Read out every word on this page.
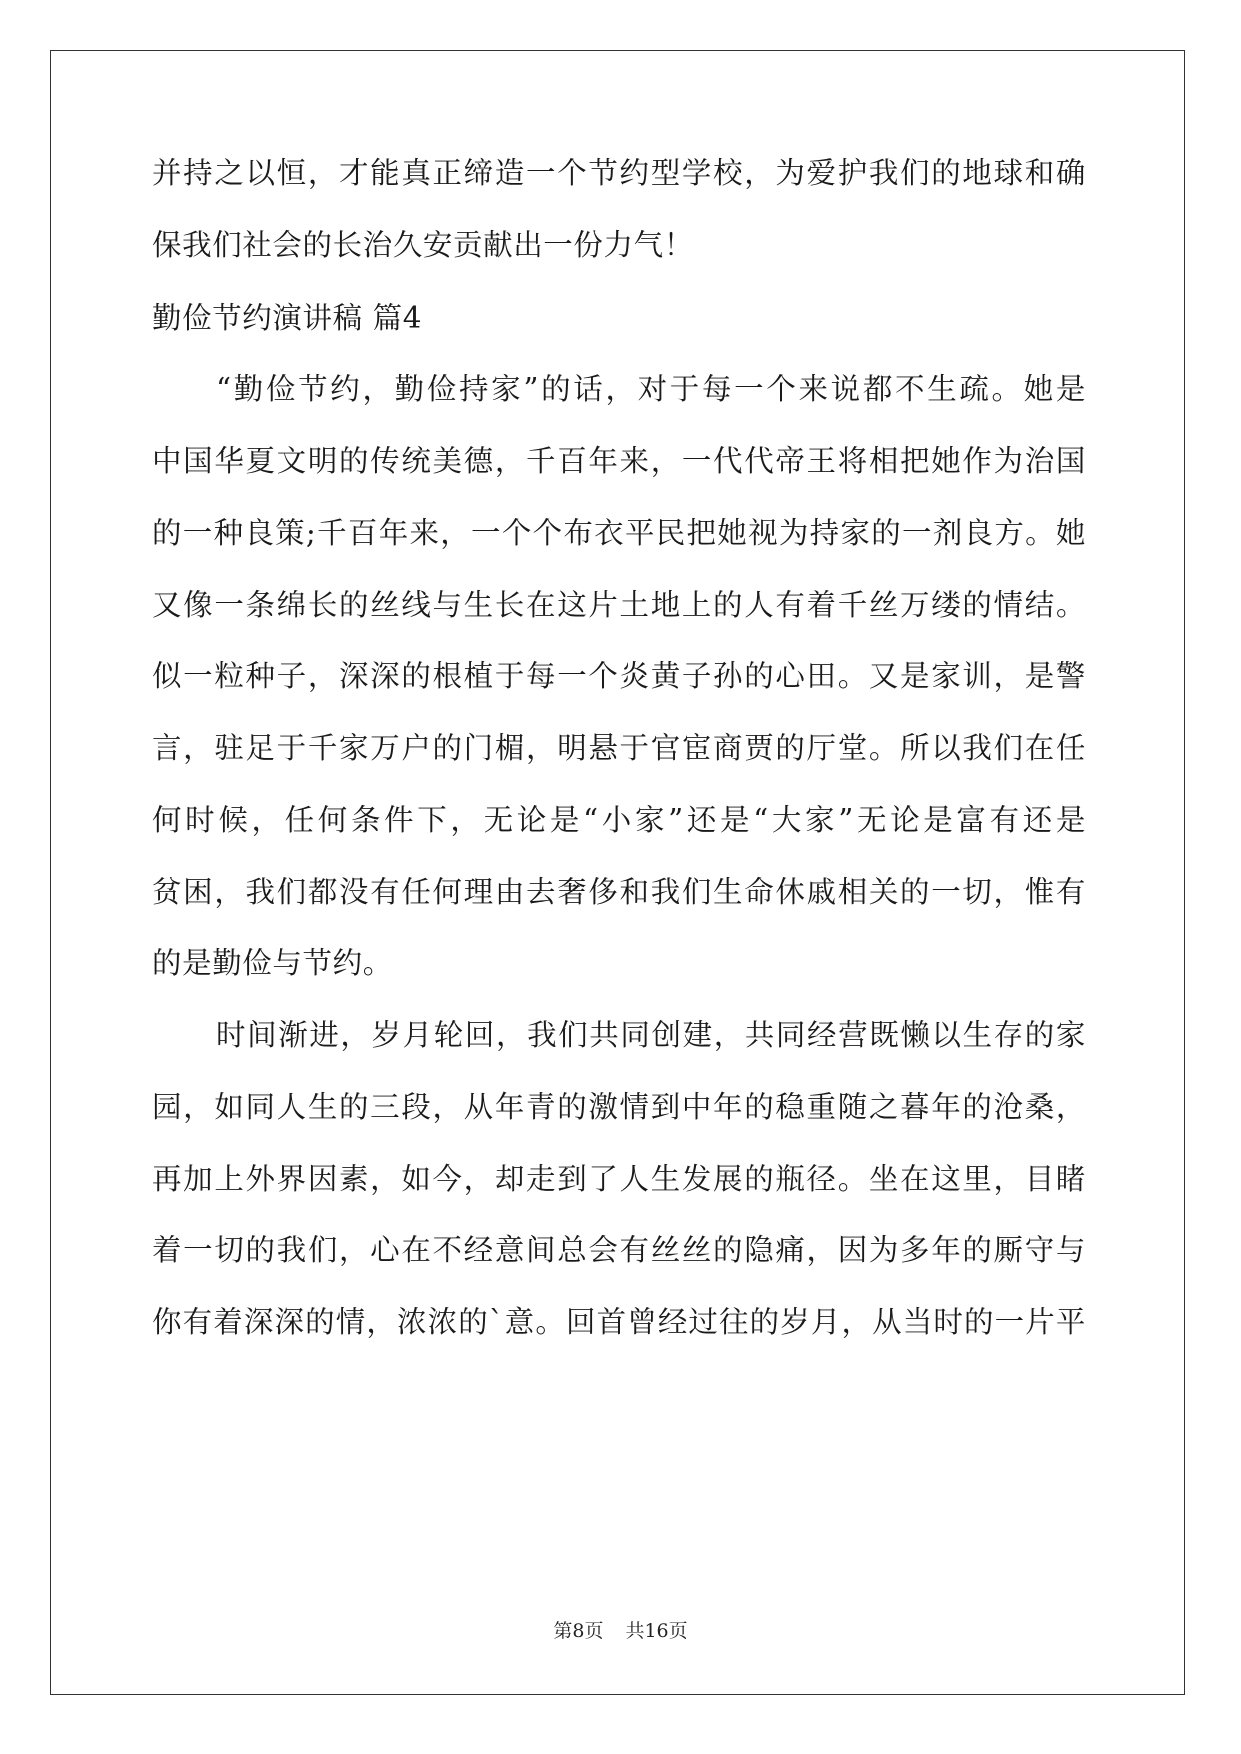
并持之以恒，才能真正缔造一个节约型学校，为爱护我们的地球和确
保我们社会的长治久安贡献出一份力气！
勤俭节约演讲稿 篇4
“勤俭节约，勤俭持家”的话，对于每一个来说都不生疏。她是
中国华夏文明的传统美德，千百年来，一代代帝王将相把她作为治国
的一种良策;千百年来，一个个布衣平民把她视为持家的一剂良方。她
又像一条绵长的丝线与生长在这片土地上的人有着千丝万缕的情结。
似一粒种子，深深的根植于每一个炎黄子孙的心田。又是家训，是警
言，驻足于千家万户的门楣，明悬于官宦商贾的厅堂。所以我们在任
何时候，任何条件下，无论是“小家”还是“大家”无论是富有还是
贫困，我们都没有任何理由去奢侈和我们生命休戚相关的一切，惟有
的是勤俭与节约。
时间渐进，岁月轮回，我们共同创建，共同经营既懒以生存的家
园，如同人生的三段，从年青的激情到中年的稳重随之暮年的沧桑，
再加上外界因素，如今，却走到了人生发展的瓶径。坐在这里，目睹
着一切的我们，心在不经意间总会有丝丝的隐痛，因为多年的厮守与
你有着深深的情，浓浓的`意。回首曾经过往的岁月，从当时的一片平
第8页 共16页
